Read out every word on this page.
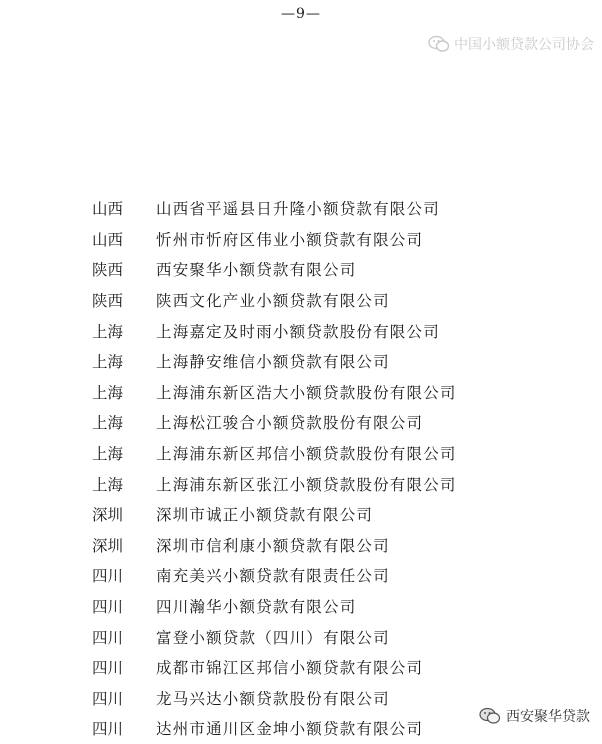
—9—
中国小额贷款公司协会
山西	山西省平遥县日升隆小额贷款有限公司
山西	忻州市忻府区伟业小额贷款有限公司
陕西	西安聚华小额贷款有限公司
陕西	陕西文化产业小额贷款有限公司
上海	上海嘉定及时雨小额贷款股份有限公司
上海	上海静安维信小额贷款有限公司
上海	上海浦东新区浩大小额贷款股份有限公司
上海	上海松江骏合小额贷款股份有限公司
上海	上海浦东新区邦信小额贷款股份有限公司
上海	上海浦东新区张江小额贷款股份有限公司
深圳	深圳市诚正小额贷款有限公司
深圳	深圳市信利康小额贷款有限公司
四川	南充美兴小额贷款有限责任公司
四川	四川瀚华小额贷款有限公司
四川	富登小额贷款（四川）有限公司
四川	成都市锦江区邦信小额贷款有限公司
四川	龙马兴达小额贷款股份有限公司
四川	达州市通川区金坤小额贷款有限公司
西安聚华贷款
